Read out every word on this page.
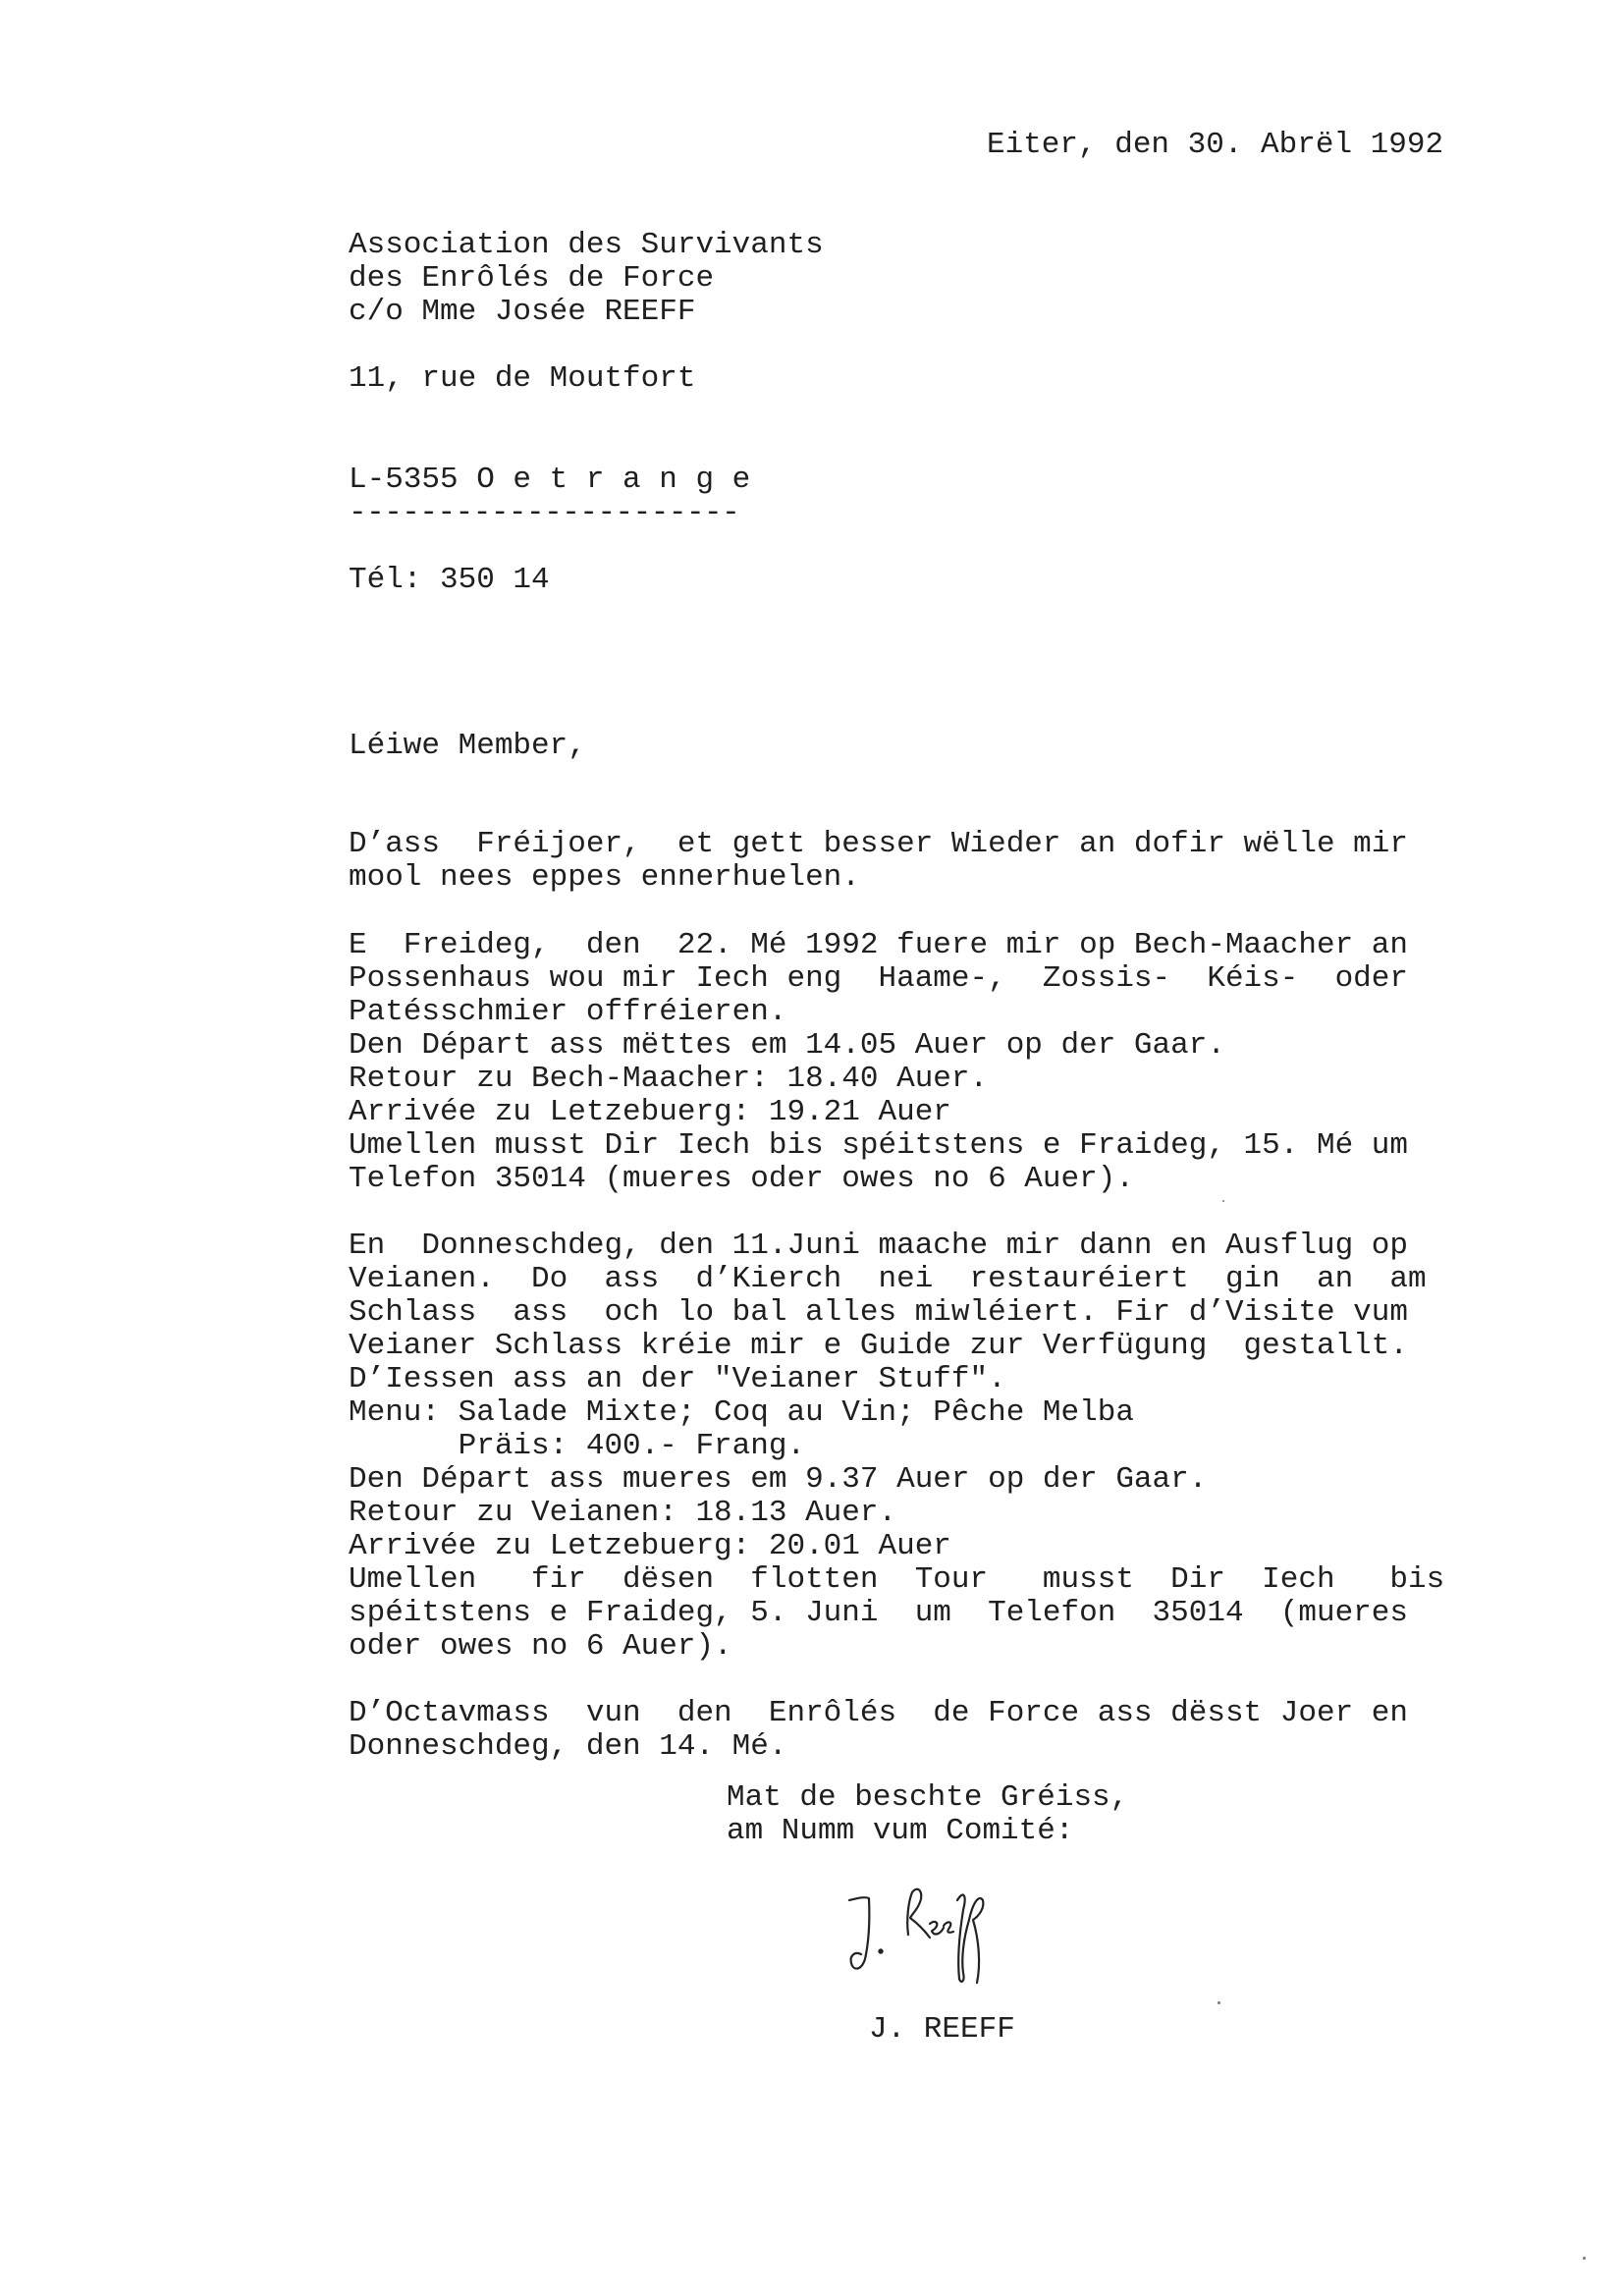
Eiter, den 30. Abrël 1992
Association des Survivants
des Enrôlés de Force
c/o Mme Josée REEFF
11, rue de Moutfort
L-5355 O e t r a n g e
----------------------
Tél: 350 14
Léiwe Member,
D’ass  Fréijoer,  et gett besser Wieder an dofir wëlle mir
mool nees eppes ennerhuelen.
E  Freideg,  den  22. Mé 1992 fuere mir op Bech-Maacher an
Possenhaus wou mir Iech eng  Haame-,  Zossis-  Kéis-  oder
Patésschmier offréieren.
Den Départ ass mëttes em 14.05 Auer op der Gaar.
Retour zu Bech-Maacher: 18.40 Auer.
Arrivée zu Letzebuerg: 19.21 Auer
Umellen musst Dir Iech bis spéitstens e Fraideg, 15. Mé um
Telefon 35014 (mueres oder owes no 6 Auer).
En  Donneschdeg, den 11.Juni maache mir dann en Ausflug op
Veianen.  Do  ass  d’Kierch  nei  restauréiert  gin  an  am
Schlass  ass  och lo bal alles miwléiert. Fir d’Visite vum
Veianer Schlass kréie mir e Guide zur Verfügung  gestallt.
D’Iessen ass an der "Veianer Stuff".
Menu: Salade Mixte; Coq au Vin; Pêche Melba
Präis: 400.- Frang.
Den Départ ass mueres em 9.37 Auer op der Gaar.
Retour zu Veianen: 18.13 Auer.
Arrivée zu Letzebuerg: 20.01 Auer
Umellen   fir  dësen  flotten  Tour   musst  Dir  Iech   bis
spéitstens e Fraideg, 5. Juni  um  Telefon  35014  (mueres
oder owes no 6 Auer).
D’Octavmass  vun  den  Enrôlés  de Force ass dësst Joer en
Donneschdeg, den 14. Mé.
Mat de beschte Gréiss,
am Numm vum Comité:
J. REEFF
